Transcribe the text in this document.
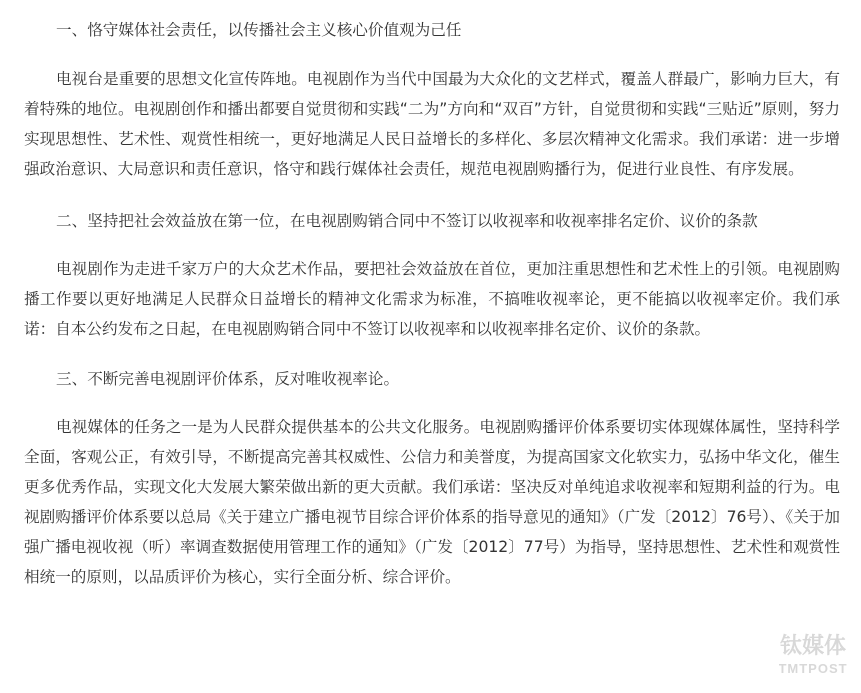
一、恪守媒体社会责任，以传播社会主义核心价值观为己任

电视台是重要的思想文化宣传阵地。电视剧作为当代中国最为大众化的文艺样式，覆盖人群最广，影响力巨大，有着特殊的地位。电视剧创作和播出都要自觉贯彻和实践“二为”方向和“双百”方针，自觉贯彻和实践“三贴近”原则，努力实现思想性、艺术性、观赏性相统一，更好地满足人民日益增长的多样化、多层次精神文化需求。我们承诺：进一步增强政治意识、大局意识和责任意识，恪守和践行媒体社会责任，规范电视剧购播行为，促进行业良性、有序发展。

二、坚持把社会效益放在第一位，在电视剧购销合同中不签订以收视率和收视率排名定价、议价的条款

电视剧作为走进千家万户的大众艺术作品，要把社会效益放在首位，更加注重思想性和艺术性上的引领。电视剧购播工作要以更好地满足人民群众日益增长的精神文化需求为标准，不搞唯收视率论，更不能搞以收视率定价。我们承诺：自本公约发布之日起，在电视剧购销合同中不签订以收视率和以收视率排名定价、议价的条款。

三、不断完善电视剧评价体系，反对唯收视率论。

电视媒体的任务之一是为人民群众提供基本的公共文化服务。电视剧购播评价体系要切实体现媒体属性，坚持科学全面，客观公正，有效引导，不断提高完善其权威性、公信力和美誉度，为提高国家文化软实力，弘扬中华文化，催生更多优秀作品，实现文化大发展大繁荣做出新的更大贡献。我们承诺：坚决反对单纯追求收视率和短期利益的行为。电视剧购播评价体系要以总局《关于建立广播电视节目综合评价体系的指导意见的通知》（广发〔2012〕76号）、《关于加强广播电视收视（听）率调查数据使用管理工作的通知》（广发〔2012〕77号）为指导，坚持思想性、艺术性和观赏性相统一的原则，以品质评价为核心，实行全面分析、综合评价。

钛媒体
TMTPOST
